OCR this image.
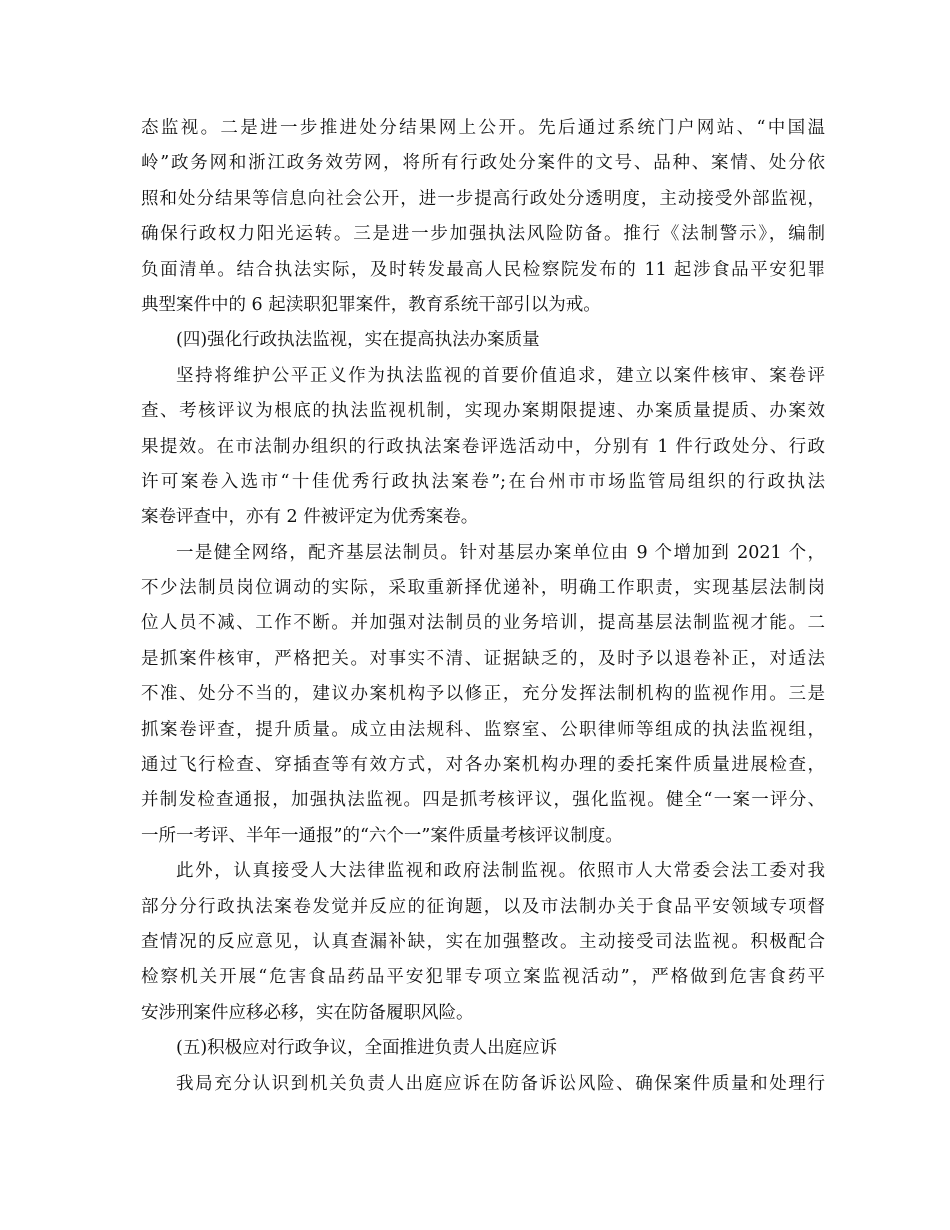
态监视。二是进一步推进处分结果网上公开。先后通过系统门户网站、“中国温
岭”政务网和浙江政务效劳网，将所有行政处分案件的文号、品种、案情、处分依
照和处分结果等信息向社会公开，进一步提高行政处分透明度，主动接受外部监视，
确保行政权力阳光运转。三是进一步加强执法风险防备。推行《法制警示》，编制
负面清单。结合执法实际，及时转发最高人民检察院发布的 11 起涉食品平安犯罪
典型案件中的 6 起渎职犯罪案件，教育系统干部引以为戒。
(四)强化行政执法监视，实在提高执法办案质量
坚持将维护公平正义作为执法监视的首要价值追求，建立以案件核审、案卷评
查、考核评议为根底的执法监视机制，实现办案期限提速、办案质量提质、办案效
果提效。在市法制办组织的行政执法案卷评选活动中，分别有 1 件行政处分、行政
许可案卷入选市“十佳优秀行政执法案卷”;在台州市市场监管局组织的行政执法
案卷评查中，亦有 2 件被评定为优秀案卷。
一是健全网络，配齐基层法制员。针对基层办案单位由 9 个增加到 2021 个，
不少法制员岗位调动的实际，采取重新择优递补，明确工作职责，实现基层法制岗
位人员不减、工作不断。并加强对法制员的业务培训，提高基层法制监视才能。二
是抓案件核审，严格把关。对事实不清、证据缺乏的，及时予以退卷补正，对适法
不准、处分不当的，建议办案机构予以修正，充分发挥法制机构的监视作用。三是
抓案卷评查，提升质量。成立由法规科、监察室、公职律师等组成的执法监视组，
通过飞行检查、穿插查等有效方式，对各办案机构办理的委托案件质量进展检查，
并制发检查通报，加强执法监视。四是抓考核评议，强化监视。健全“一案一评分、
一所一考评、半年一通报”的“六个一”案件质量考核评议制度。
此外，认真接受人大法律监视和政府法制监视。依照市人大常委会法工委对我
部分分行政执法案卷发觉并反应的征询题，以及市法制办关于食品平安领域专项督
查情况的反应意见，认真查漏补缺，实在加强整改。主动接受司法监视。积极配合
检察机关开展“危害食品药品平安犯罪专项立案监视活动”，严格做到危害食药平
安涉刑案件应移必移，实在防备履职风险。
(五)积极应对行政争议，全面推进负责人出庭应诉
我局充分认识到机关负责人出庭应诉在防备诉讼风险、确保案件质量和处理行
